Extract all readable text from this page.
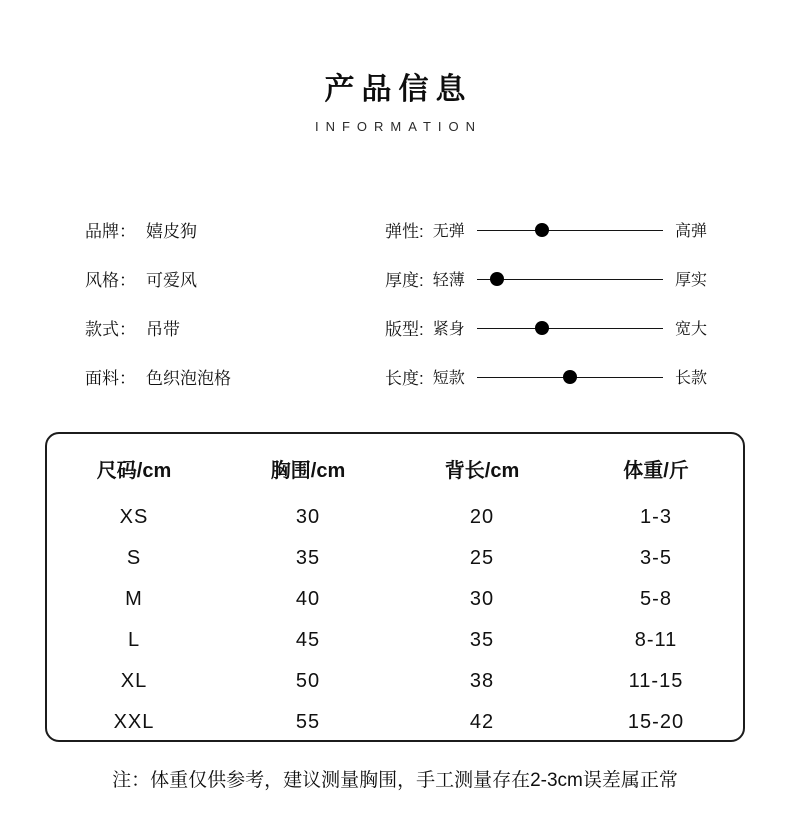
产品信息
INFORMATION
品牌： 嬉皮狗
风格： 可爱风
款式： 吊带
面料： 色织泡泡格
弹性: 无弹	高弹
厚度: 轻薄	厚实
版型: 紧身	宽大
长度: 短款	长款
尺码/cm	胸围/cm	背长/cm	体重/斤
XS	30	20	1-3
S	35	25	3-5
M	40	30	5-8
L	45	35	8-11
XL	50	38	11-15
XXL	55	42	15-20
注：体重仅供参考，建议测量胸围，手工测量存在2-3cm误差属正常
